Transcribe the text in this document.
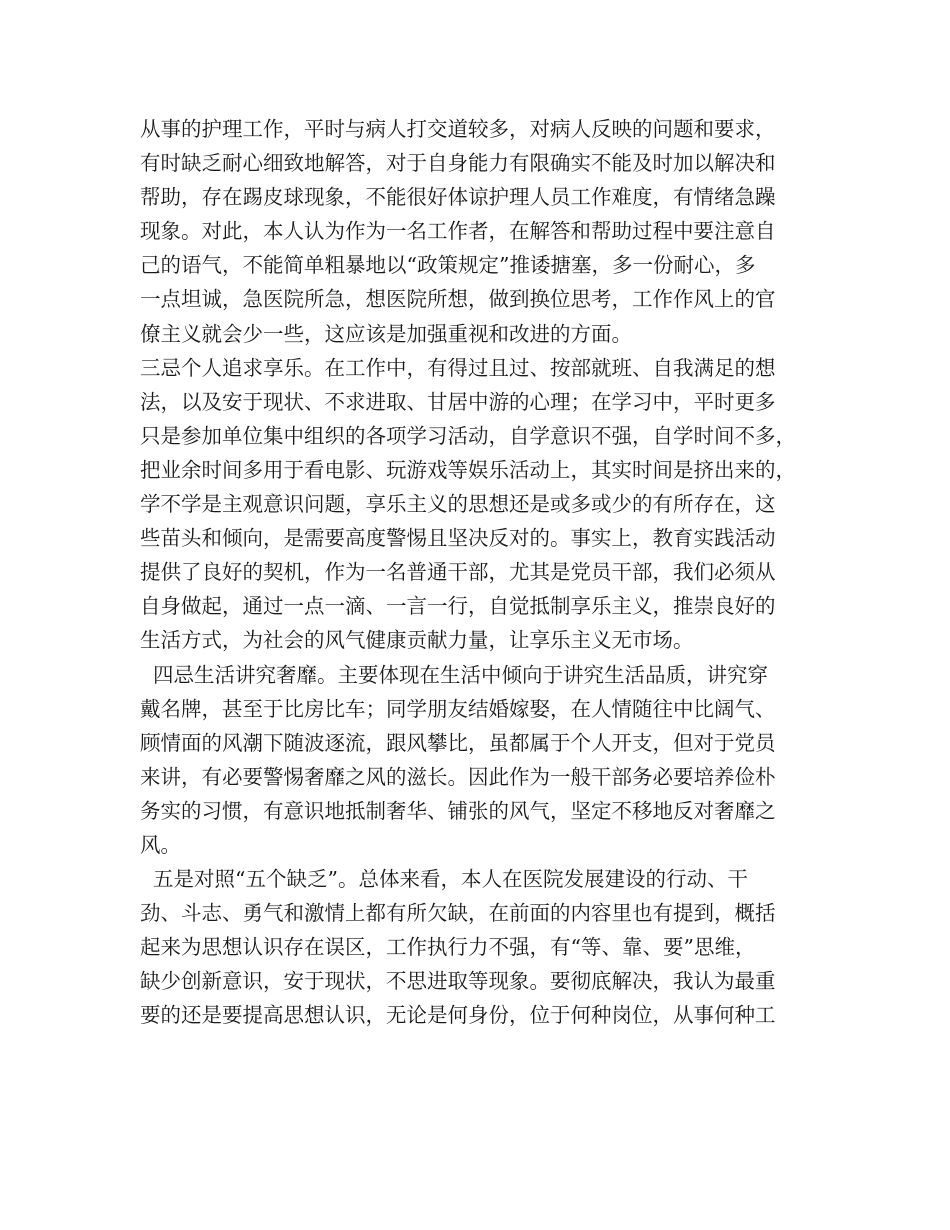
从事的护理工作，平时与病人打交道较多，对病人反映的问题和要求，
有时缺乏耐心细致地解答，对于自身能力有限确实不能及时加以解决和
帮助，存在踢皮球现象，不能很好体谅护理人员工作难度，有情绪急躁
现象。对此，本人认为作为一名工作者，在解答和帮助过程中要注意自
己的语气，不能简单粗暴地以“政策规定”推诿搪塞，多一份耐心，多
一点坦诚，急医院所急，想医院所想，做到换位思考，工作作风上的官
僚主义就会少一些，这应该是加强重视和改进的方面。
三忌个人追求享乐。在工作中，有得过且过、按部就班、自我满足的想
法，以及安于现状、不求进取、甘居中游的心理；在学习中，平时更多
只是参加单位集中组织的各项学习活动，自学意识不强，自学时间不多，
把业余时间多用于看电影、玩游戏等娱乐活动上，其实时间是挤出来的，
学不学是主观意识问题，享乐主义的思想还是或多或少的有所存在，这
些苗头和倾向，是需要高度警惕且坚决反对的。事实上，教育实践活动
提供了良好的契机，作为一名普通干部，尤其是党员干部，我们必须从
自身做起，通过一点一滴、一言一行，自觉抵制享乐主义，推崇良好的
生活方式，为社会的风气健康贡献力量，让享乐主义无市场。
四忌生活讲究奢靡。主要体现在生活中倾向于讲究生活品质，讲究穿
戴名牌，甚至于比房比车；同学朋友结婚嫁娶，在人情随往中比阔气、
顾情面的风潮下随波逐流，跟风攀比，虽都属于个人开支，但对于党员
来讲，有必要警惕奢靡之风的滋长。因此作为一般干部务必要培养俭朴
务实的习惯，有意识地抵制奢华、铺张的风气，坚定不移地反对奢靡之
风。
五是对照“五个缺乏”。总体来看，本人在医院发展建设的行动、干
劲、斗志、勇气和激情上都有所欠缺，在前面的内容里也有提到，概括
起来为思想认识存在误区，工作执行力不强，有“等、靠、要”思维，
缺少创新意识，安于现状，不思进取等现象。要彻底解决，我认为最重
要的还是要提高思想认识，无论是何身份，位于何种岗位，从事何种工
